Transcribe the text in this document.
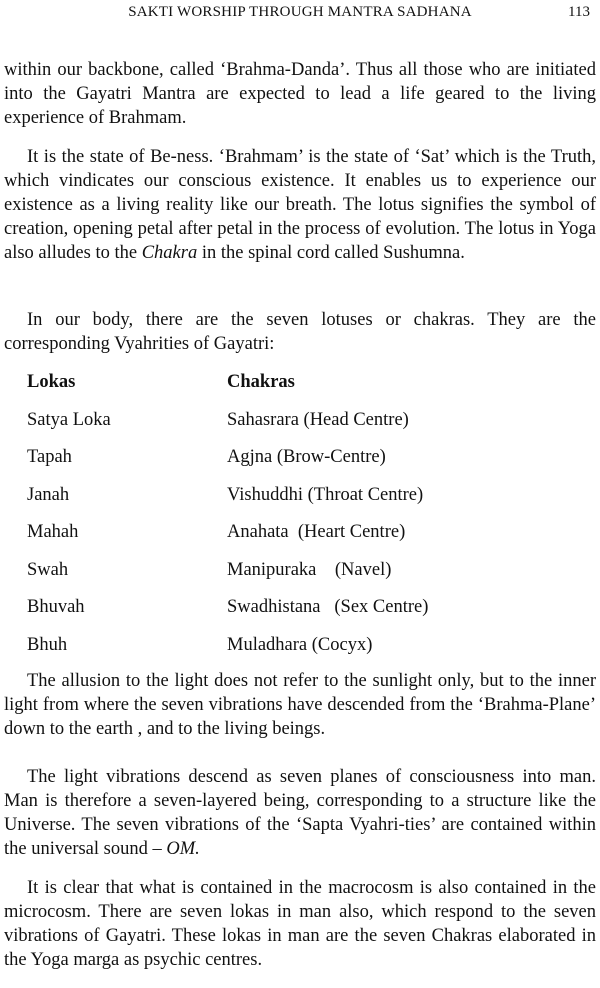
SAKTI WORSHIP THROUGH MANTRA SADHANA	113

within our backbone, called ‘Brahma-Danda’. Thus all those who are initiated into the Gayatri Mantra are expected to lead a life geared to the living experience of Brahmam.

It is the state of Be-ness. ‘Brahmam’ is the state of ‘Sat’ which is the Truth, which vindicates our conscious existence. It enables us to experience our existence as a living reality like our breath. The lotus signifies the symbol of creation, opening petal after petal in the process of evolution. The lotus in Yoga also alludes to the Chakra in the spinal cord called Sushumna.

In our body, there are the seven lotuses or chakras. They are the corresponding Vyahrities of Gayatri:

Lokas	Chakras
Satya Loka	Sahasrara (Head Centre)
Tapah	Agjna (Brow-Centre)
Janah	Vishuddhi (Throat Centre)
Mahah	Anahata  (Heart Centre)
Swah	Manipuraka    (Navel)
Bhuvah	Swadhistana   (Sex Centre)
Bhuh	Muladhara (Cocyx)

The allusion to the light does not refer to the sunlight only, but to the inner light from where the seven vibrations have descended from the ‘Brahma-Plane’ down to the earth , and to the living beings.

The light vibrations descend as seven planes of consciousness into man. Man is therefore a seven-layered being, corresponding to a structure like the Universe. The seven vibrations of the ‘Sapta Vyahri-ties’ are contained within the universal sound – OM.

It is clear that what is contained in the macrocosm is also contained in the microcosm. There are seven lokas in man also, which respond to the seven vibrations of Gayatri. These lokas in man are the seven Chakras elaborated in the Yoga marga as psychic centres.
